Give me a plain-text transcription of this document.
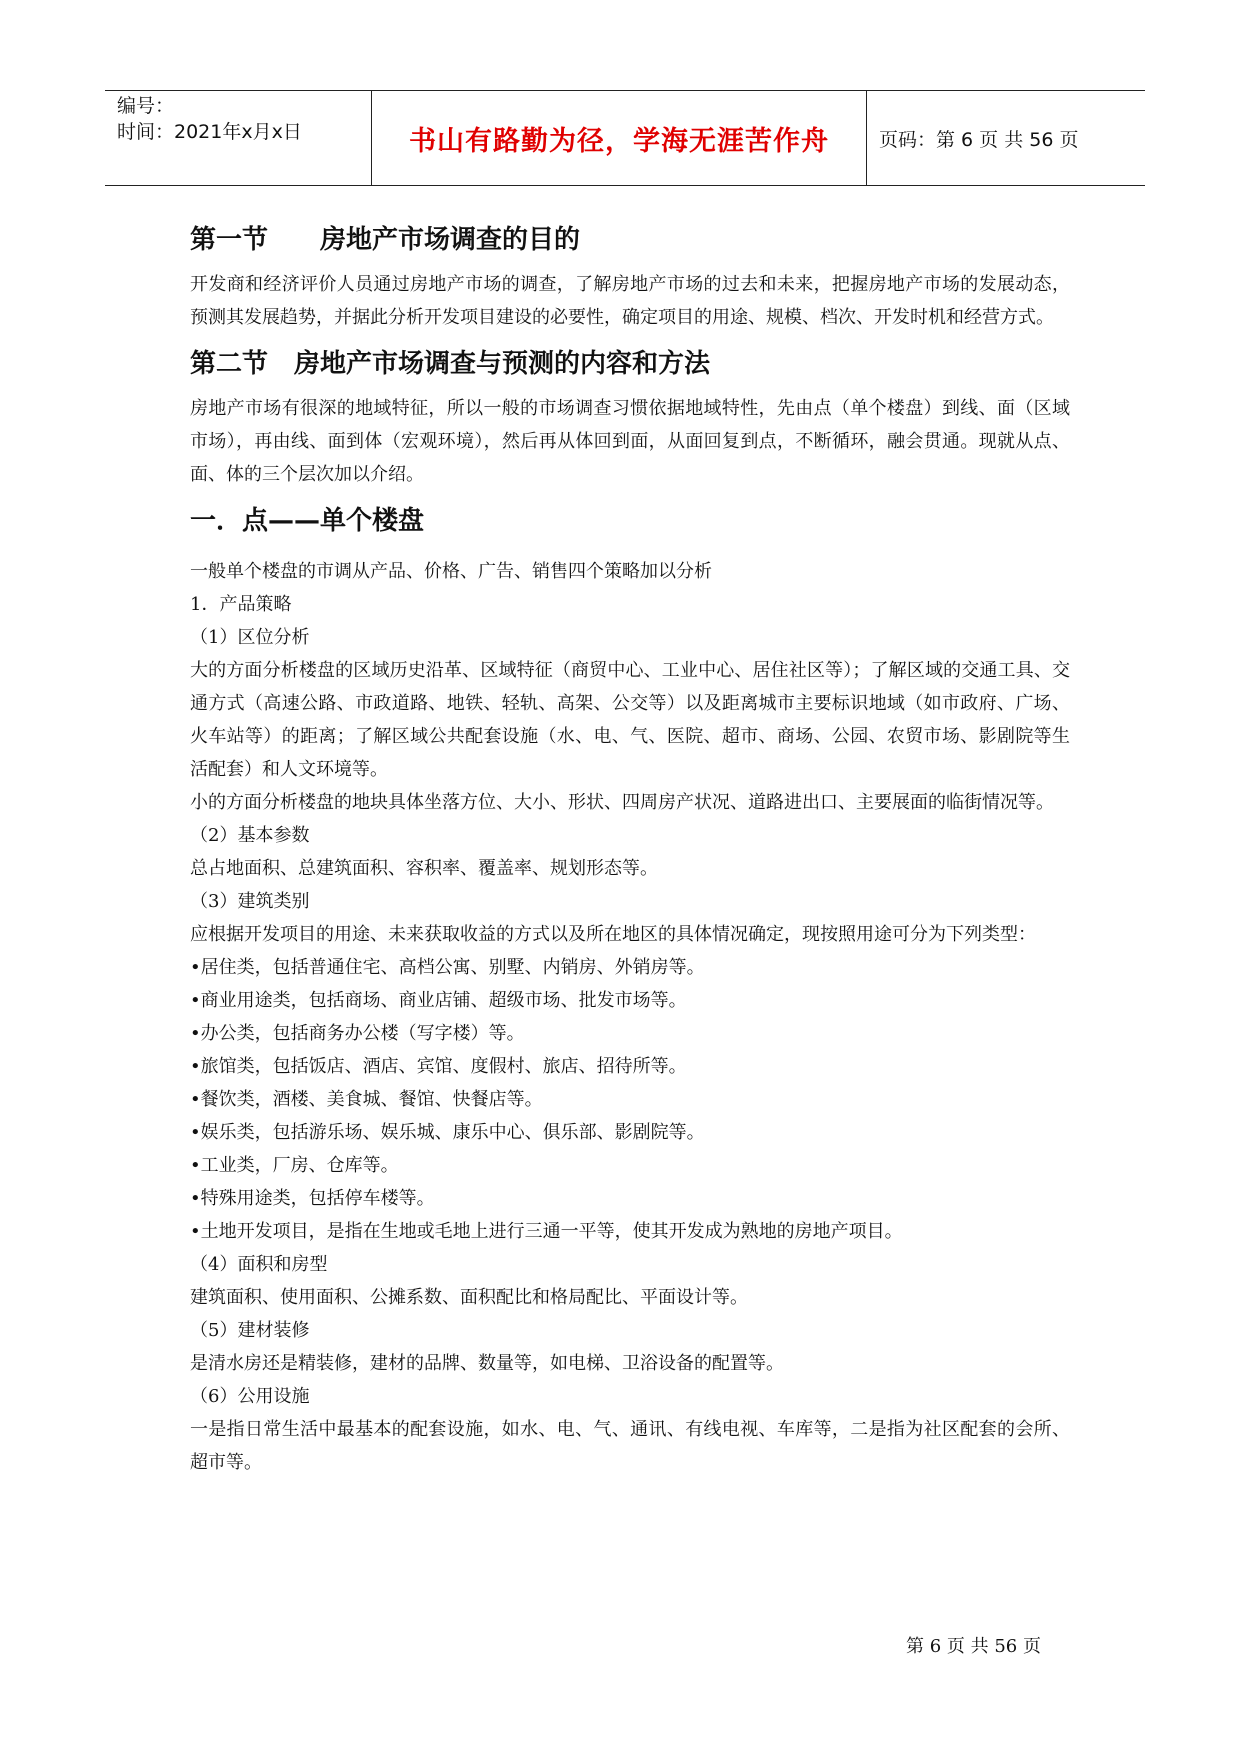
编号：
时间：2021年x月x日	书山有路勤为径，学海无涯苦作舟	页码：第 6 页 共 56 页
第一节　　房地产市场调查的目的

开发商和经济评价人员通过房地产市场的调查，了解房地产市场的过去和未来，把握房地产市场的发展动态，预测其发展趋势，并据此分析开发项目建设的必要性，确定项目的用途、规模、档次、开发时机和经营方式。

第二节　房地产市场调查与预测的内容和方法

房地产市场有很深的地域特征，所以一般的市场调查习惯依据地域特性，先由点（单个楼盘）到线、面（区域市场），再由线、面到体（宏观环境），然后再从体回到面，从面回复到点，不断循环，融会贯通。现就从点、面、体的三个层次加以介绍。

一．点——单个楼盘

一般单个楼盘的市调从产品、价格、广告、销售四个策略加以分析

1．产品策略

（1）区位分析

大的方面分析楼盘的区域历史沿革、区域特征（商贸中心、工业中心、居住社区等）；了解区域的交通工具、交通方式（高速公路、市政道路、地铁、轻轨、高架、公交等）以及距离城市主要标识地域（如市政府、广场、火车站等）的距离；了解区域公共配套设施（水、电、气、医院、超市、商场、公园、农贸市场、影剧院等生活配套）和人文环境等。

小的方面分析楼盘的地块具体坐落方位、大小、形状、四周房产状况、道路进出口、主要展面的临街情况等。

（2）基本参数

总占地面积、总建筑面积、容积率、覆盖率、规划形态等。

（3）建筑类别

应根据开发项目的用途、未来获取收益的方式以及所在地区的具体情况确定，现按照用途可分为下列类型：

•居住类，包括普通住宅、高档公寓、别墅、内销房、外销房等。

•商业用途类，包括商场、商业店铺、超级市场、批发市场等。

•办公类，包括商务办公楼（写字楼）等。

•旅馆类，包括饭店、酒店、宾馆、度假村、旅店、招待所等。

•餐饮类，酒楼、美食城、餐馆、快餐店等。

•娱乐类，包括游乐场、娱乐城、康乐中心、俱乐部、影剧院等。

•工业类，厂房、仓库等。

•特殊用途类，包括停车楼等。

•土地开发项目，是指在生地或毛地上进行三通一平等，使其开发成为熟地的房地产项目。

（4）面积和房型

建筑面积、使用面积、公摊系数、面积配比和格局配比、平面设计等。

（5）建材装修

是清水房还是精装修，建材的品牌、数量等，如电梯、卫浴设备的配置等。

（6）公用设施

一是指日常生活中最基本的配套设施，如水、电、气、通讯、有线电视、车库等，二是指为社区配套的会所、超市等。

第 6 页 共 56 页
